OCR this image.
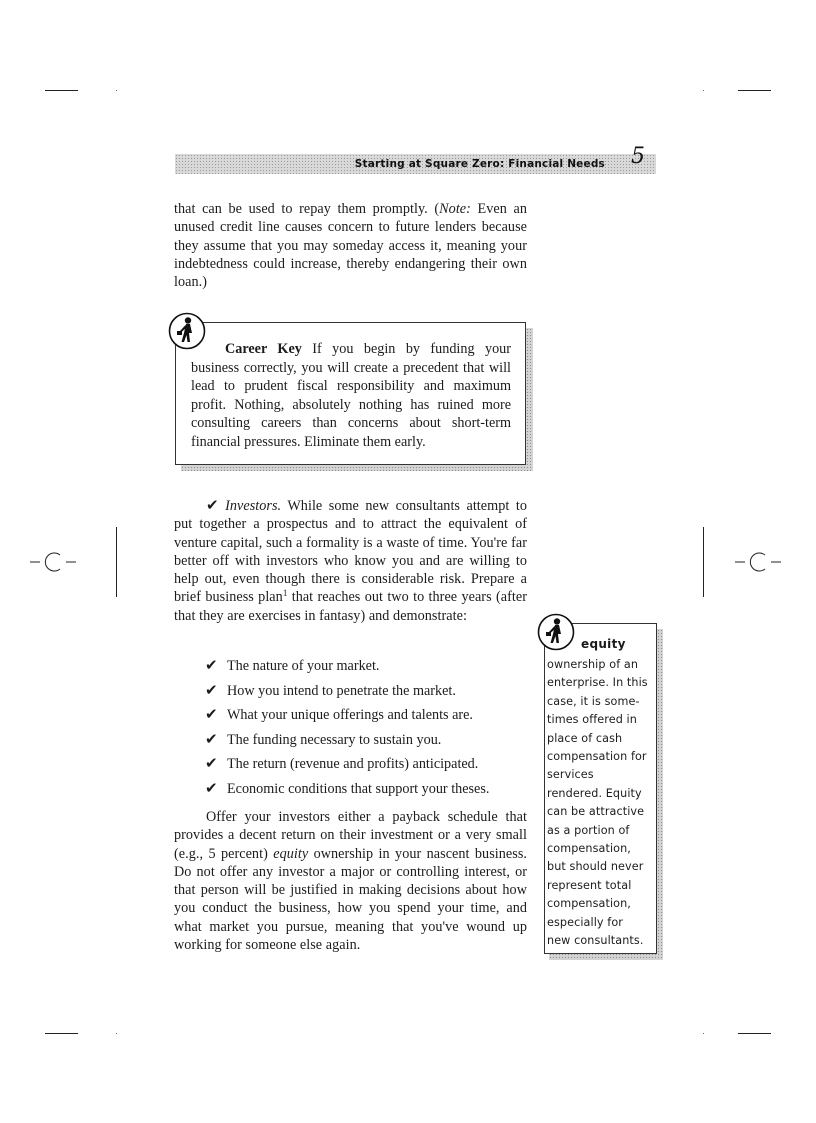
Starting at Square Zero: Financial Needs 5

that can be used to repay them promptly. (Note: Even an unused credit line causes concern to future lenders because they assume that you may someday access it, meaning your indebtedness could increase, thereby endangering their own loan.)

Career Key If you begin by funding your business correctly, you will create a precedent that will lead to prudent fiscal responsibility and maximum profit. Nothing, absolutely nothing has ruined more consulting careers than concerns about short-term financial pressures. Eliminate them early.

✔ Investors. While some new consultants attempt to put together a prospectus and to attract the equivalent of venture capital, such a formality is a waste of time. You're far better off with investors who know you and are willing to help out, even though there is considerable risk. Prepare a brief business plan$^1$ that reaches out two to three years (after that they are exercises in fantasy) and demonstrate:

✔ The nature of your market.
✔ How you intend to penetrate the market.
✔ What your unique offerings and talents are.
✔ The funding necessary to sustain you.
✔ The return (revenue and profits) anticipated.
✔ Economic conditions that support your theses.

Offer your investors either a payback schedule that provides a decent return on their investment or a very small (e.g., 5 percent) equity ownership in your nascent business. Do not offer any investor a major or controlling interest, or that person will be justified in making decisions about how you conduct the business, how you spend your time, and what market you pursue, meaning that you've wound up working for someone else again.

equity
ownership of an
enterprise. In this
case, it is some-
times offered in
place of cash
compensation for
services
rendered. Equity
can be attractive
as a portion of
compensation,
but should never
represent total
compensation,
especially for
new consultants.
